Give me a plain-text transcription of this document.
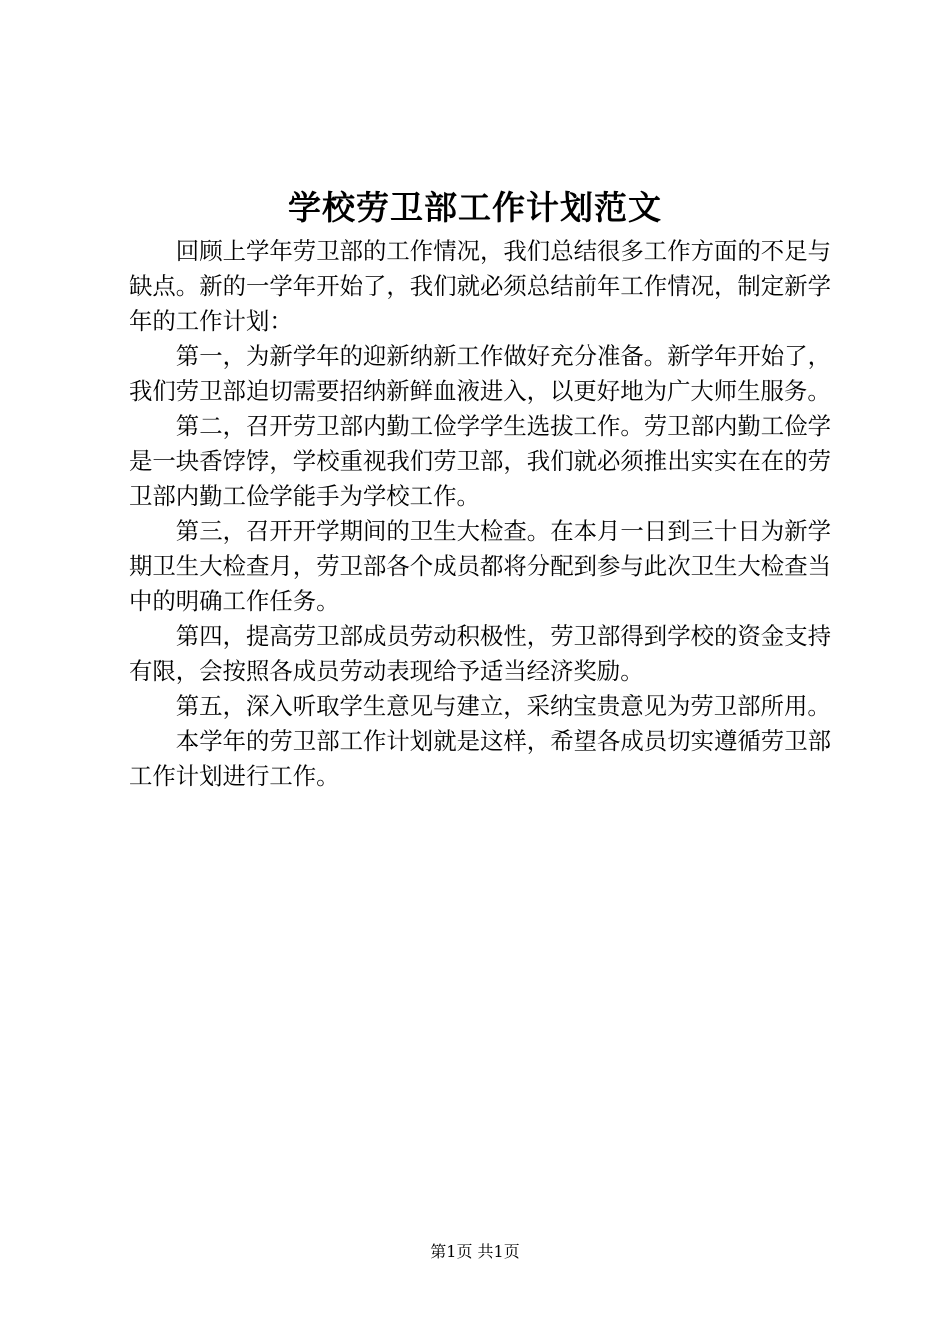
学校劳卫部工作计划范文

回顾上学年劳卫部的工作情况，我们总结很多工作方面的不足与缺点。新的一学年开始了，我们就必须总结前年工作情况，制定新学年的工作计划：

第一，为新学年的迎新纳新工作做好充分准备。新学年开始了，我们劳卫部迫切需要招纳新鲜血液进入，以更好地为广大师生服务。

第二，召开劳卫部内勤工俭学学生选拔工作。劳卫部内勤工俭学是一块香饽饽，学校重视我们劳卫部，我们就必须推出实实在在的劳卫部内勤工俭学能手为学校工作。

第三，召开开学期间的卫生大检查。在本月一日到三十日为新学期卫生大检查月，劳卫部各个成员都将分配到参与此次卫生大检查当中的明确工作任务。

第四，提高劳卫部成员劳动积极性，劳卫部得到学校的资金支持有限，会按照各成员劳动表现给予适当经济奖励。

第五，深入听取学生意见与建立，采纳宝贵意见为劳卫部所用。

本学年的劳卫部工作计划就是这样，希望各成员切实遵循劳卫部工作计划进行工作。

第1页 共1页
